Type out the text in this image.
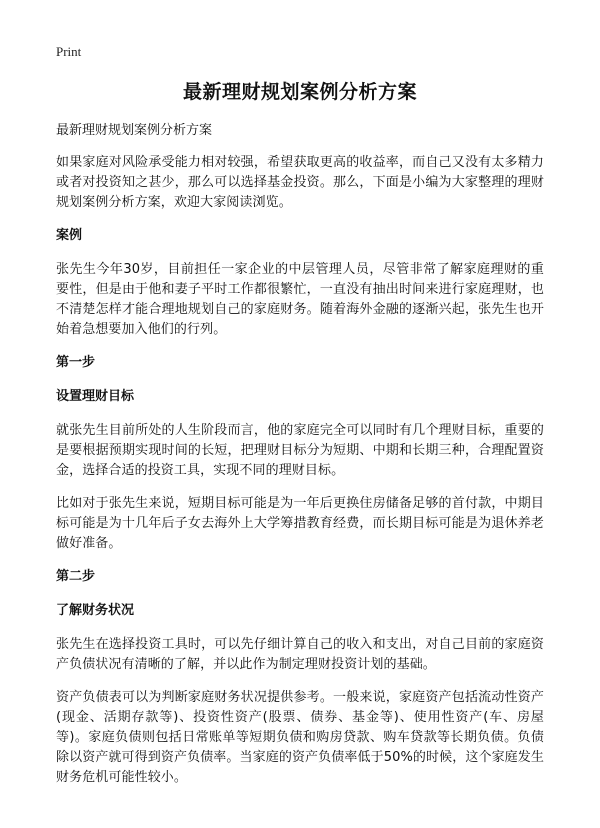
Print
最新理财规划案例分析方案
最新理财规划案例分析方案

如果家庭对风险承受能力相对较强，希望获取更高的收益率，而自己又没有太多精力或者对投资知之甚少，那么可以选择基金投资。那么，下面是小编为大家整理的理财规划案例分析方案，欢迎大家阅读浏览。

案例

张先生今年30岁，目前担任一家企业的中层管理人员，尽管非常了解家庭理财的重要性，但是由于他和妻子平时工作都很繁忙，一直没有抽出时间来进行家庭理财，也不清楚怎样才能合理地规划自己的家庭财务。随着海外金融的逐渐兴起，张先生也开始着急想要加入他们的行列。

第一步
设置理财目标

就张先生目前所处的人生阶段而言，他的家庭完全可以同时有几个理财目标，重要的是要根据预期实现时间的长短，把理财目标分为短期、中期和长期三种，合理配置资金，选择合适的投资工具，实现不同的理财目标。

比如对于张先生来说，短期目标可能是为一年后更换住房储备足够的首付款，中期目标可能是为十几年后子女去海外上大学筹措教育经费，而长期目标可能是为退休养老做好准备。

第二步
了解财务状况

张先生在选择投资工具时，可以先仔细计算自己的收入和支出，对自己目前的家庭资产负债状况有清晰的了解，并以此作为制定理财投资计划的基础。

资产负债表可以为判断家庭财务状况提供参考。一般来说，家庭资产包括流动性资产(现金、活期存款等)、投资性资产(股票、债券、基金等)、使用性资产(车、房屋等)。家庭负债则包括日常账单等短期负债和购房贷款、购车贷款等长期负债。负债除以资产就可得到资产负债率。当家庭的资产负债率低于50%的时候，这个家庭发生财务危机可能性较小。
